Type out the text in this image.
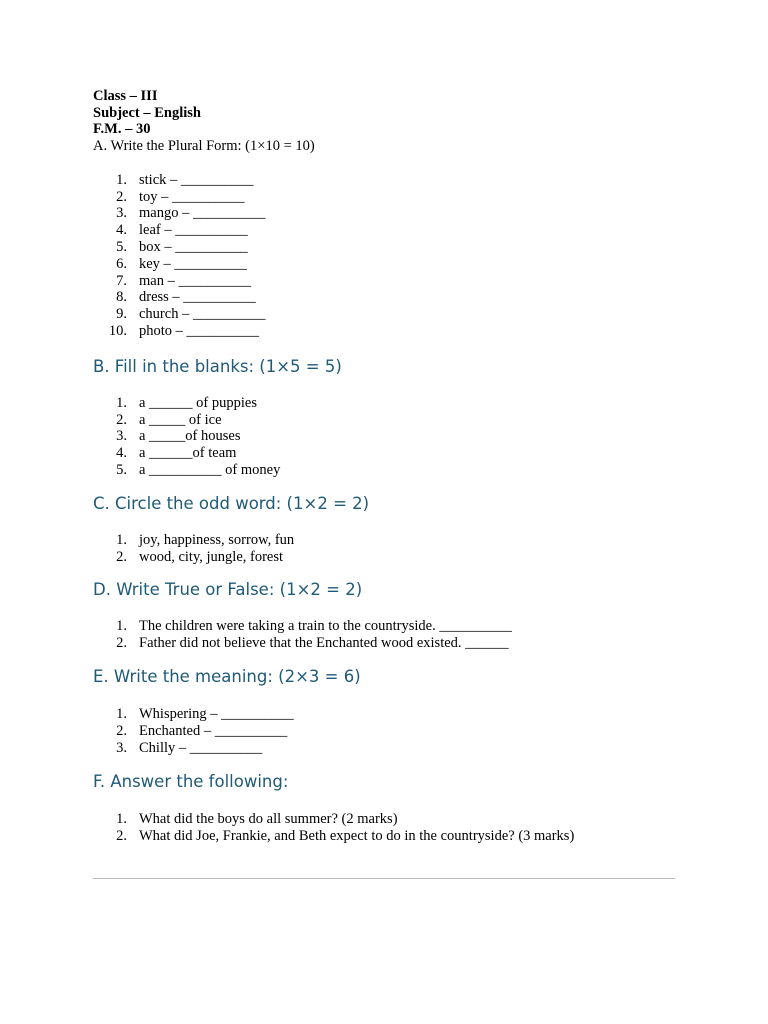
Class – III
Subject – English
F.M. – 30
A. Write the Plural Form: (1×10 = 10)
1. stick – __________
2. toy – __________
3. mango – __________
4. leaf – __________
5. box – __________
6. key – __________
7. man – __________
8. dress – __________
9. church – __________
10. photo – __________
B. Fill in the blanks: (1×5 = 5)
1. a ______ of puppies
2. a _____ of ice
3. a _____of houses
4. a ______of team
5. a __________ of money
C. Circle the odd word: (1×2 = 2)
1. joy, happiness, sorrow, fun
2. wood, city, jungle, forest
D. Write True or False: (1×2 = 2)
1. The children were taking a train to the countryside. __________
2. Father did not believe that the Enchanted wood existed. ______
E. Write the meaning: (2×3 = 6)
1. Whispering – __________
2. Enchanted – __________
3. Chilly – __________
F. Answer the following:
1. What did the boys do all summer? (2 marks)
2. What did Joe, Frankie, and Beth expect to do in the countryside? (3 marks)
